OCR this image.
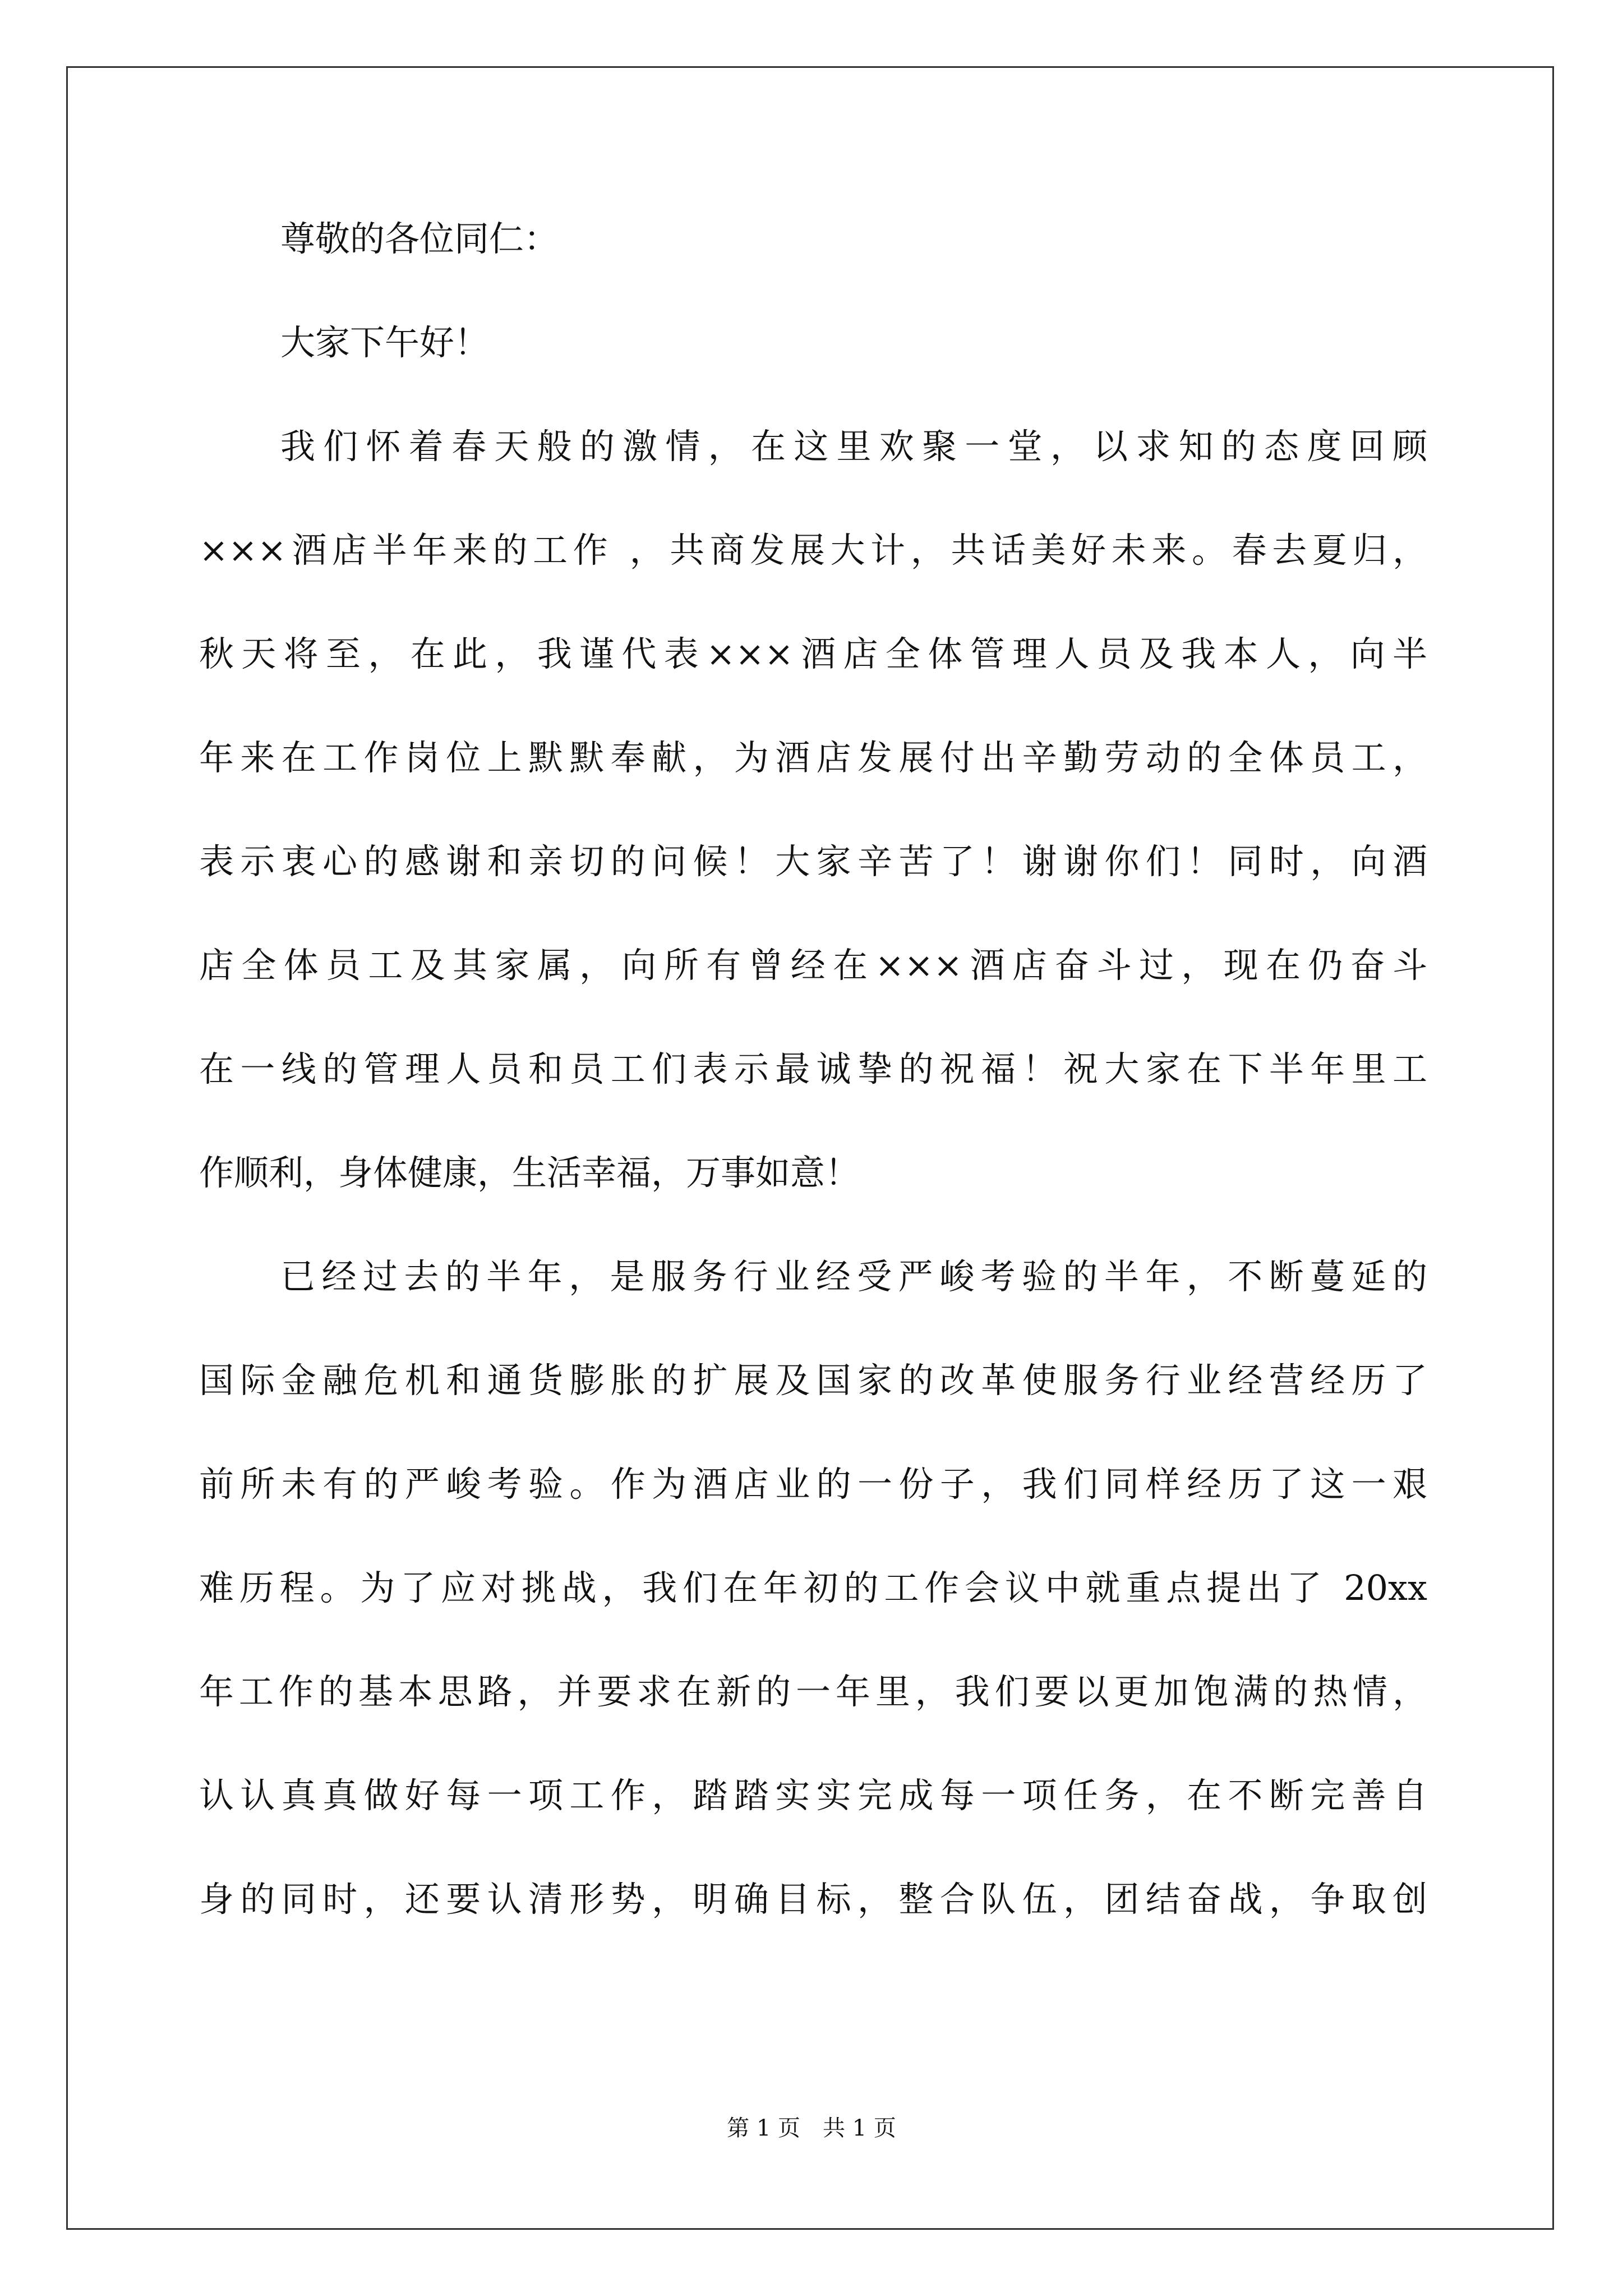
尊敬的各位同仁：
大家下午好！
我们怀着春天般的激情，在这里欢聚一堂，以求知的态度回顾
×××酒店半年来的工作 ，共商发展大计，共话美好未来。春去夏归，
秋天将至，在此，我谨代表×××酒店全体管理人员及我本人，向半
年来在工作岗位上默默奉献，为酒店发展付出辛勤劳动的全体员工，
表示衷心的感谢和亲切的问候！大家辛苦了！谢谢你们！同时，向酒
店全体员工及其家属，向所有曾经在×××酒店奋斗过，现在仍奋斗
在一线的管理人员和员工们表示最诚挚的祝福！祝大家在下半年里工
作顺利，身体健康，生活幸福，万事如意！
已经过去的半年，是服务行业经受严峻考验的半年，不断蔓延的
国际金融危机和通货膨胀的扩展及国家的改革使服务行业经营经历了
前所未有的严峻考验。作为酒店业的一份子，我们同样经历了这一艰
难历程。为了应对挑战，我们在年初的工作会议中就重点提出了 20xx
年工作的基本思路，并要求在新的一年里，我们要以更加饱满的热情，
认认真真做好每一项工作，踏踏实实完成每一项任务，在不断完善自
身的同时，还要认清形势，明确目标，整合队伍，团结奋战，争取创
第 1 页　共 1 页
